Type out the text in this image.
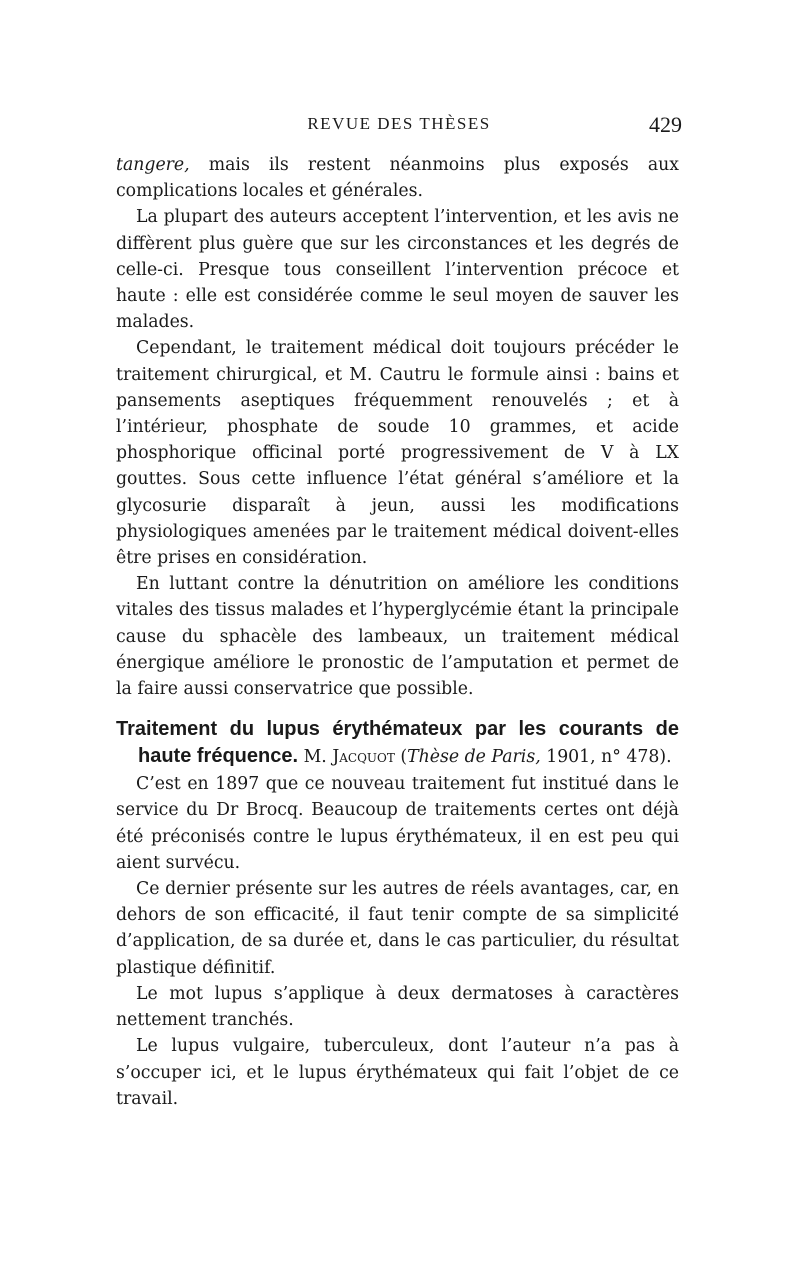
REVUE DES THÈSES	429

tangere, mais ils restent néanmoins plus exposés aux complications locales et générales.

La plupart des auteurs acceptent l’intervention, et les avis ne diffèrent plus guère que sur les circonstances et les degrés de celle-ci. Presque tous conseillent l’intervention précoce et haute : elle est considérée comme le seul moyen de sauver les malades.

Cependant, le traitement médical doit toujours précéder le traitement chirurgical, et M. Cautru le formule ainsi : bains et pansements aseptiques fréquemment renouvelés ; et à l’intérieur, phosphate de soude 10 grammes, et acide phosphorique officinal porté progressivement de V à LX gouttes. Sous cette influence l’état général s’améliore et la glycosurie disparaît à jeun, aussi les modifications physiologiques amenées par le traitement médical doivent-elles être prises en considération.

En luttant contre la dénutrition on améliore les conditions vitales des tissus malades et l’hyperglycémie étant la principale cause du sphacèle des lambeaux, un traitement médical énergique améliore le pronostic de l’amputation et permet de la faire aussi conservatrice que possible.

Traitement du lupus érythémateux par les courants de haute fréquence. M. Jacquot (Thèse de Paris, 1901, n° 478).

C’est en 1897 que ce nouveau traitement fut institué dans le service du Dr Brocq. Beaucoup de traitements certes ont déjà été préconisés contre le lupus érythémateux, il en est peu qui aient survécu.

Ce dernier présente sur les autres de réels avantages, car, en dehors de son efficacité, il faut tenir compte de sa simplicité d’application, de sa durée et, dans le cas particulier, du résultat plastique définitif.

Le mot lupus s’applique à deux dermatoses à caractères nettement tranchés.

Le lupus vulgaire, tuberculeux, dont l’auteur n’a pas à s’occuper ici, et le lupus érythémateux qui fait l’objet de ce travail.
